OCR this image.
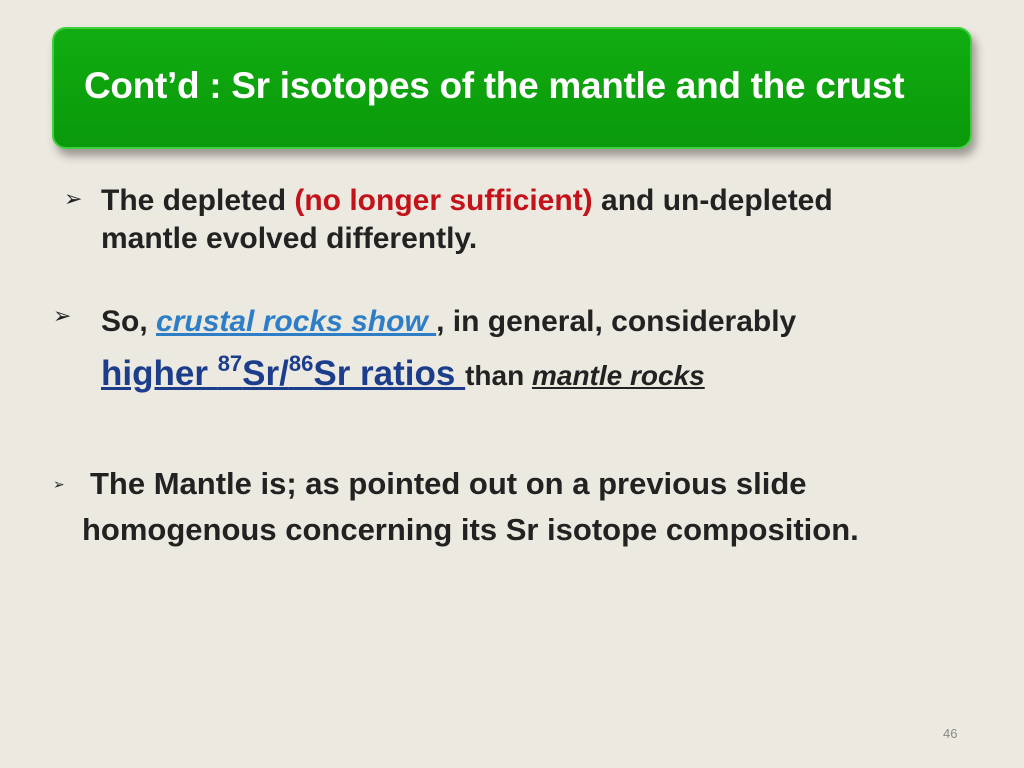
Cont’d : Sr isotopes of the mantle and the crust
➢ The depleted (no longer sufficient) and un-depleted
mantle evolved differently.
➢ So, crustal rocks show , in general, considerably
higher $^{87}$Sr/$^{86}$Sr ratios than mantle rocks
➢ The Mantle is; as pointed out on a previous slide
homogenous concerning its Sr isotope composition.
46
